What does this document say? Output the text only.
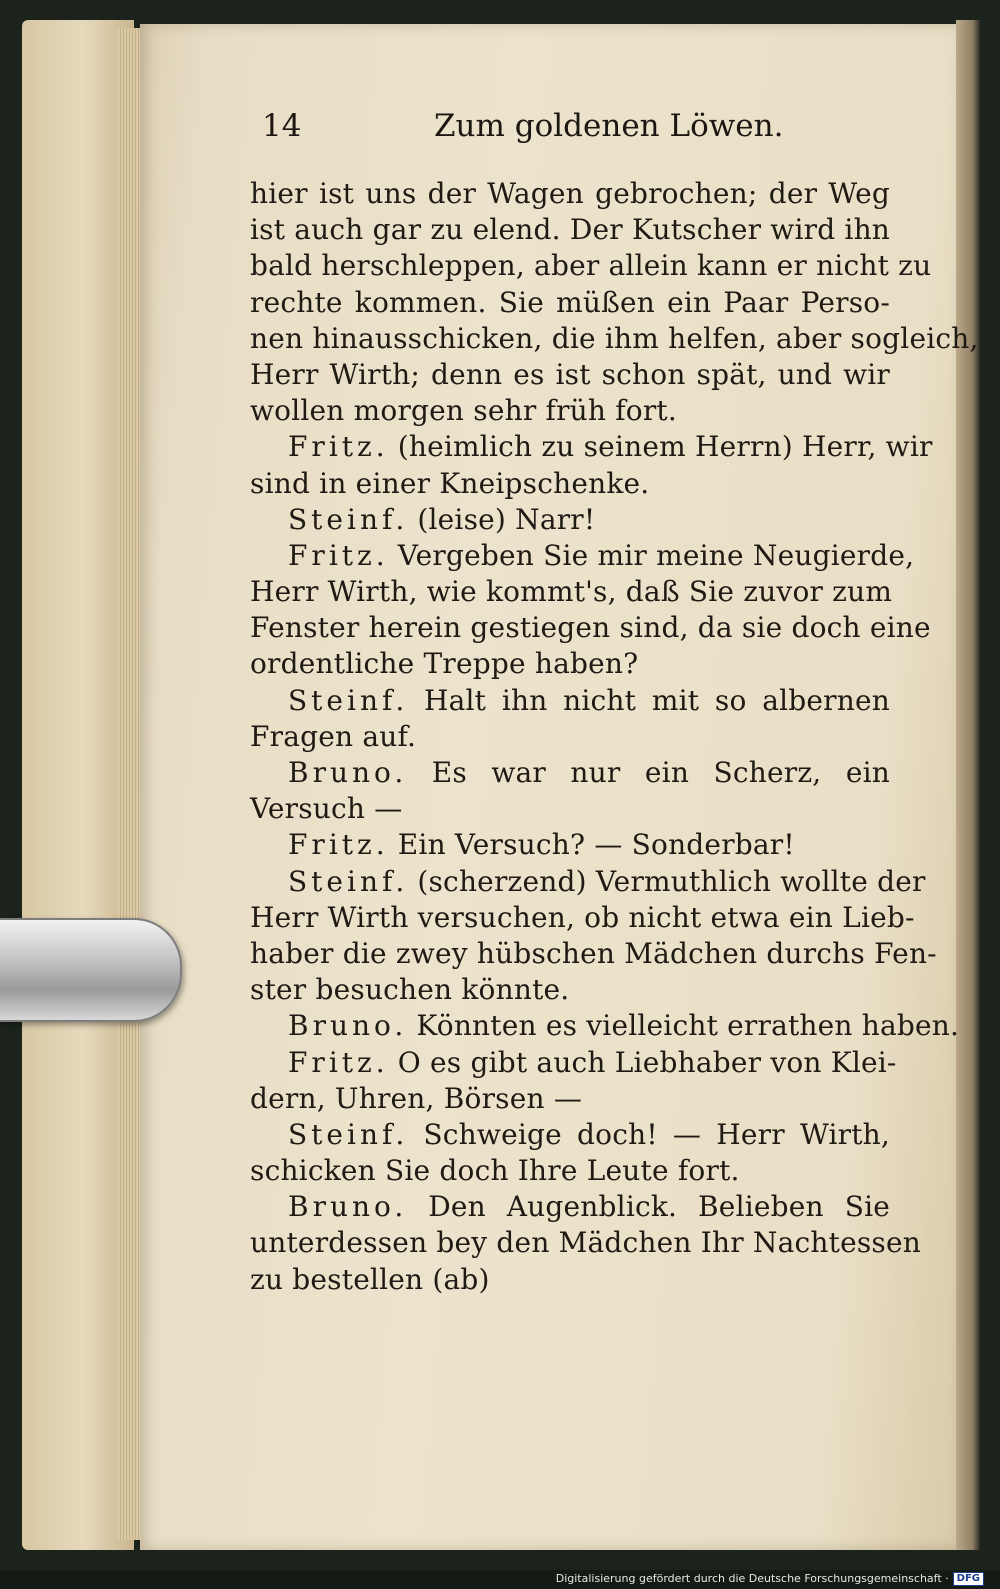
14	Zum goldenen Löwen.
hier ist uns der Wagen gebrochen; der Weg
ist auch gar zu elend. Der Kutscher wird ihn
bald herschleppen, aber allein kann er nicht zu
rechte kommen. Sie müßen ein Paar Perso-
nen hinausschicken, die ihm helfen, aber sogleich,
Herr Wirth; denn es ist schon spät, und wir
wollen morgen sehr früh fort.
Fritz. (heimlich zu seinem Herrn) Herr, wir
sind in einer Kneipschenke.
Steinf. (leise) Narr!
Fritz. Vergeben Sie mir meine Neugierde,
Herr Wirth, wie kommt's, daß Sie zuvor zum
Fenster herein gestiegen sind, da sie doch eine
ordentliche Treppe haben?
Steinf. Halt ihn nicht mit so albernen
Fragen auf.
Bruno. Es war nur ein Scherz, ein
Versuch —
Fritz. Ein Versuch? — Sonderbar!
Steinf. (scherzend) Vermuthlich wollte der
Herr Wirth versuchen, ob nicht etwa ein Lieb-
haber die zwey hübschen Mädchen durchs Fen-
ster besuchen könnte.
Bruno. Könnten es vielleicht errathen haben.
Fritz. O es gibt auch Liebhaber von Klei-
dern, Uhren, Börsen —
Steinf. Schweige doch! — Herr Wirth,
schicken Sie doch Ihre Leute fort.
Bruno. Den Augenblick. Belieben Sie
unterdessen bey den Mädchen Ihr Nachtessen
zu bestellen (ab)
Digitalisierung gefördert durch die Deutsche Forschungsgemeinschaft · DFG
